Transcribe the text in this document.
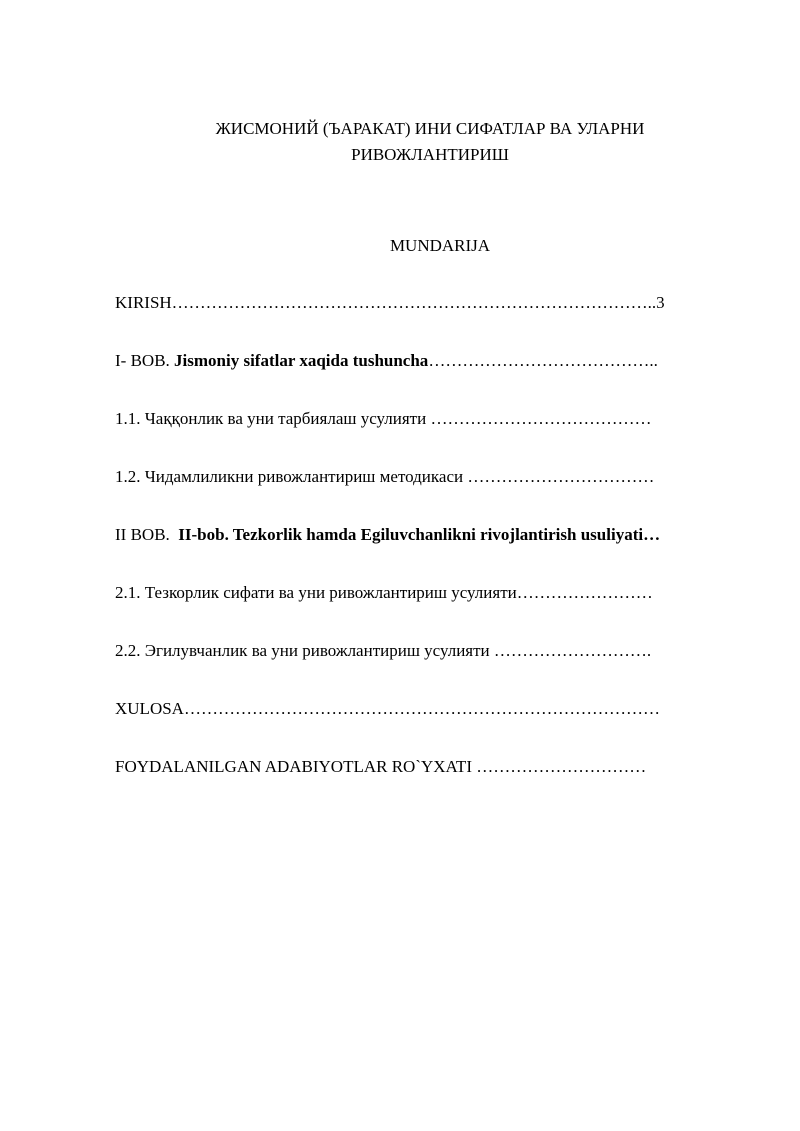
ЖИСМОНИЙ (ЪАРАКАТ) ИНИ СИФАТЛАР ВА УЛАРНИ
РИВОЖЛАНТИРИШ
MUNDARIJA
KIRISH…………………………………………………………………………..3
I- BOB. Jismoniy sifatlar xaqida tushuncha…………………………………..
1.1. Чаққонлик ва уни тарбиялаш усулияти …………………………………
1.2. Чидамлиликни ривожлантириш методикаси ……………………………
II BOB.  II-bob. Tezkorlik hamda Egiluvchanlikni rivojlantirish usuliyati…
2.1. Тезкорлик сифати ва уни ривожлантириш усулияти……………………
2.2. Эгилувчанлик ва уни ривожлантириш усулияти ……………………….
XULOSA…………………………………………………………………………
FOYDALANILGAN ADABIYOTLAR RO`YXATI …………………………
